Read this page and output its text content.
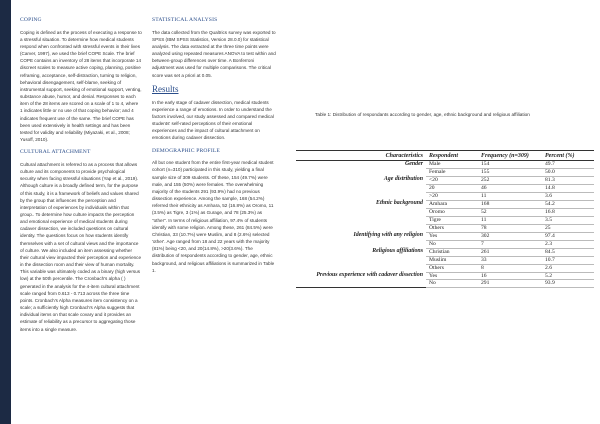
COPING

Coping is defined as the process of executing a response to a stressful situation. To determine how medical students respond when confronted with stressful events in their lives (Carver, 1997), we used the brief COPE Scale. The brief COPE contains an inventory of 28 items that incorporate 14 discreet scales to measure active coping, planning, positive reframing, acceptance, self-distraction, turning to religion, behavioral disengagement, self-blame, seeking of instrumental support, seeking of emotional support, venting, substance abuse, humor, and denial. Responses to each item of the 28 items are scored on a scale of 1 to 4, where 1 indicates little or no use of that coping behavior; and 4 indicates frequent use of the same. The brief COPE has been used extensively in health settings and has been tested for validity and reliability (Miyazaki, et al., 2008; Yusoff, 2010).

CULTURAL ATTACHMENT

Cultural attachment is referred to as a process that allows culture and its components to provide psychological security when facing stressful situations (Yap et al., 2019). Although culture is a broadly defined term, for the purpose of this study, it is a framework of beliefs and values shared by the group that influences the perception and interpretation of experiences by individuals within that group.. To determine how culture impacts the perception and emotional experience of medical students during cadaver dissection, we included questions on cultural identity. The questions focus on how students identify themselves with a set of cultural views and the importance of culture. We also included an item assessing whether their cultural view impacted their perception and experience in the dissection room and their view of human mortality. This variable was ultimately coded as a binary (high versus low) at the 50th percentile. The Cronbach's alpha ( ) generated in the analysis for the 4-item cultural attachment scale ranged from 0.613 - 0.713 across the three time points. Cronbach's Alpha measures item consistency on a scale; a sufficiently high Cronbach's Alpha suggests that individual items on that scale covary and it provides an estimate of reliability as a precursor to aggregating those items into a single measure.

STATISTICAL ANALYSIS

The data collected from the Qualtrics survey was exported to SPSS (IBM SPSS Statistics, Version 28.0.0) for statistical analysis. The data extracted at the three time points were analyzed using repeated measures ANOVA to test within and between-group differences over time. A Bonferroni adjustment was used for multiple comparisons. The critical score was set a priori at 0.05.

Results

In the early stage of cadaver dissection, medical students experience a range of emotions. In order to understand the factors involved, our study assessed and compared medical students' self-rated perceptions of their emotional experiences and the impact of cultural attachment on emotions during cadaver dissection.

DEMOGRAPHIC PROFILE

All but one student from the entire first-year medical student cohort (n=310) participated in this study, yielding a final sample size of 309 students. Of these, 154 (49.7%) were male, and 155 (50%) were females. The overwhelming majority of the students 291 (93.9%) had no previous dissection experience. Among the sample, 168 (54.2%) referred their ethnicity as Amhara, 52 (16.8%) as Oromo, 11 (3.5%) as Tigre, 3 (1%) as Gurage, and 78 (25.3%) as "other". In terms of religious affiliation, 97.4% of students identify with some religion. Among these, 261 (84.5%) were Christian, 33 (10.7%) were Muslim, and 8 (2.6%) selected 'other'. Age ranged from 18 and 22 years with the majority (81%) being <20, and 20(14.8%), >20(3.6%). The distribution of respondents according to gender, age, ethnic background, and religious affiliations is summarized in Table 1.

Table 1: Distribution of respondants according to gender, age, ethnic background and religious affiliation
Characteristics	Respondent	Frequency (n=309)	Percent (%)
Gender	Male	154	49.7
	Female	155	50.0
Age distribution	<20	252	81.3
	20	46	14.8
	>20	11	3.6
Ethnic background	Amhara	168	54.2
	Oromo	52	16.8
	Tigre	11	3.5
	Others	78	25
Identifying with any religion	Yes	302	97.4
	No	7	2.3
Religious affiliations	Christian	261	84.5
	Muslim	33	10.7
	Others	8	2.6
Previous experience with cadaver dissection	Yes	16	5.2
	No	291	93.9
